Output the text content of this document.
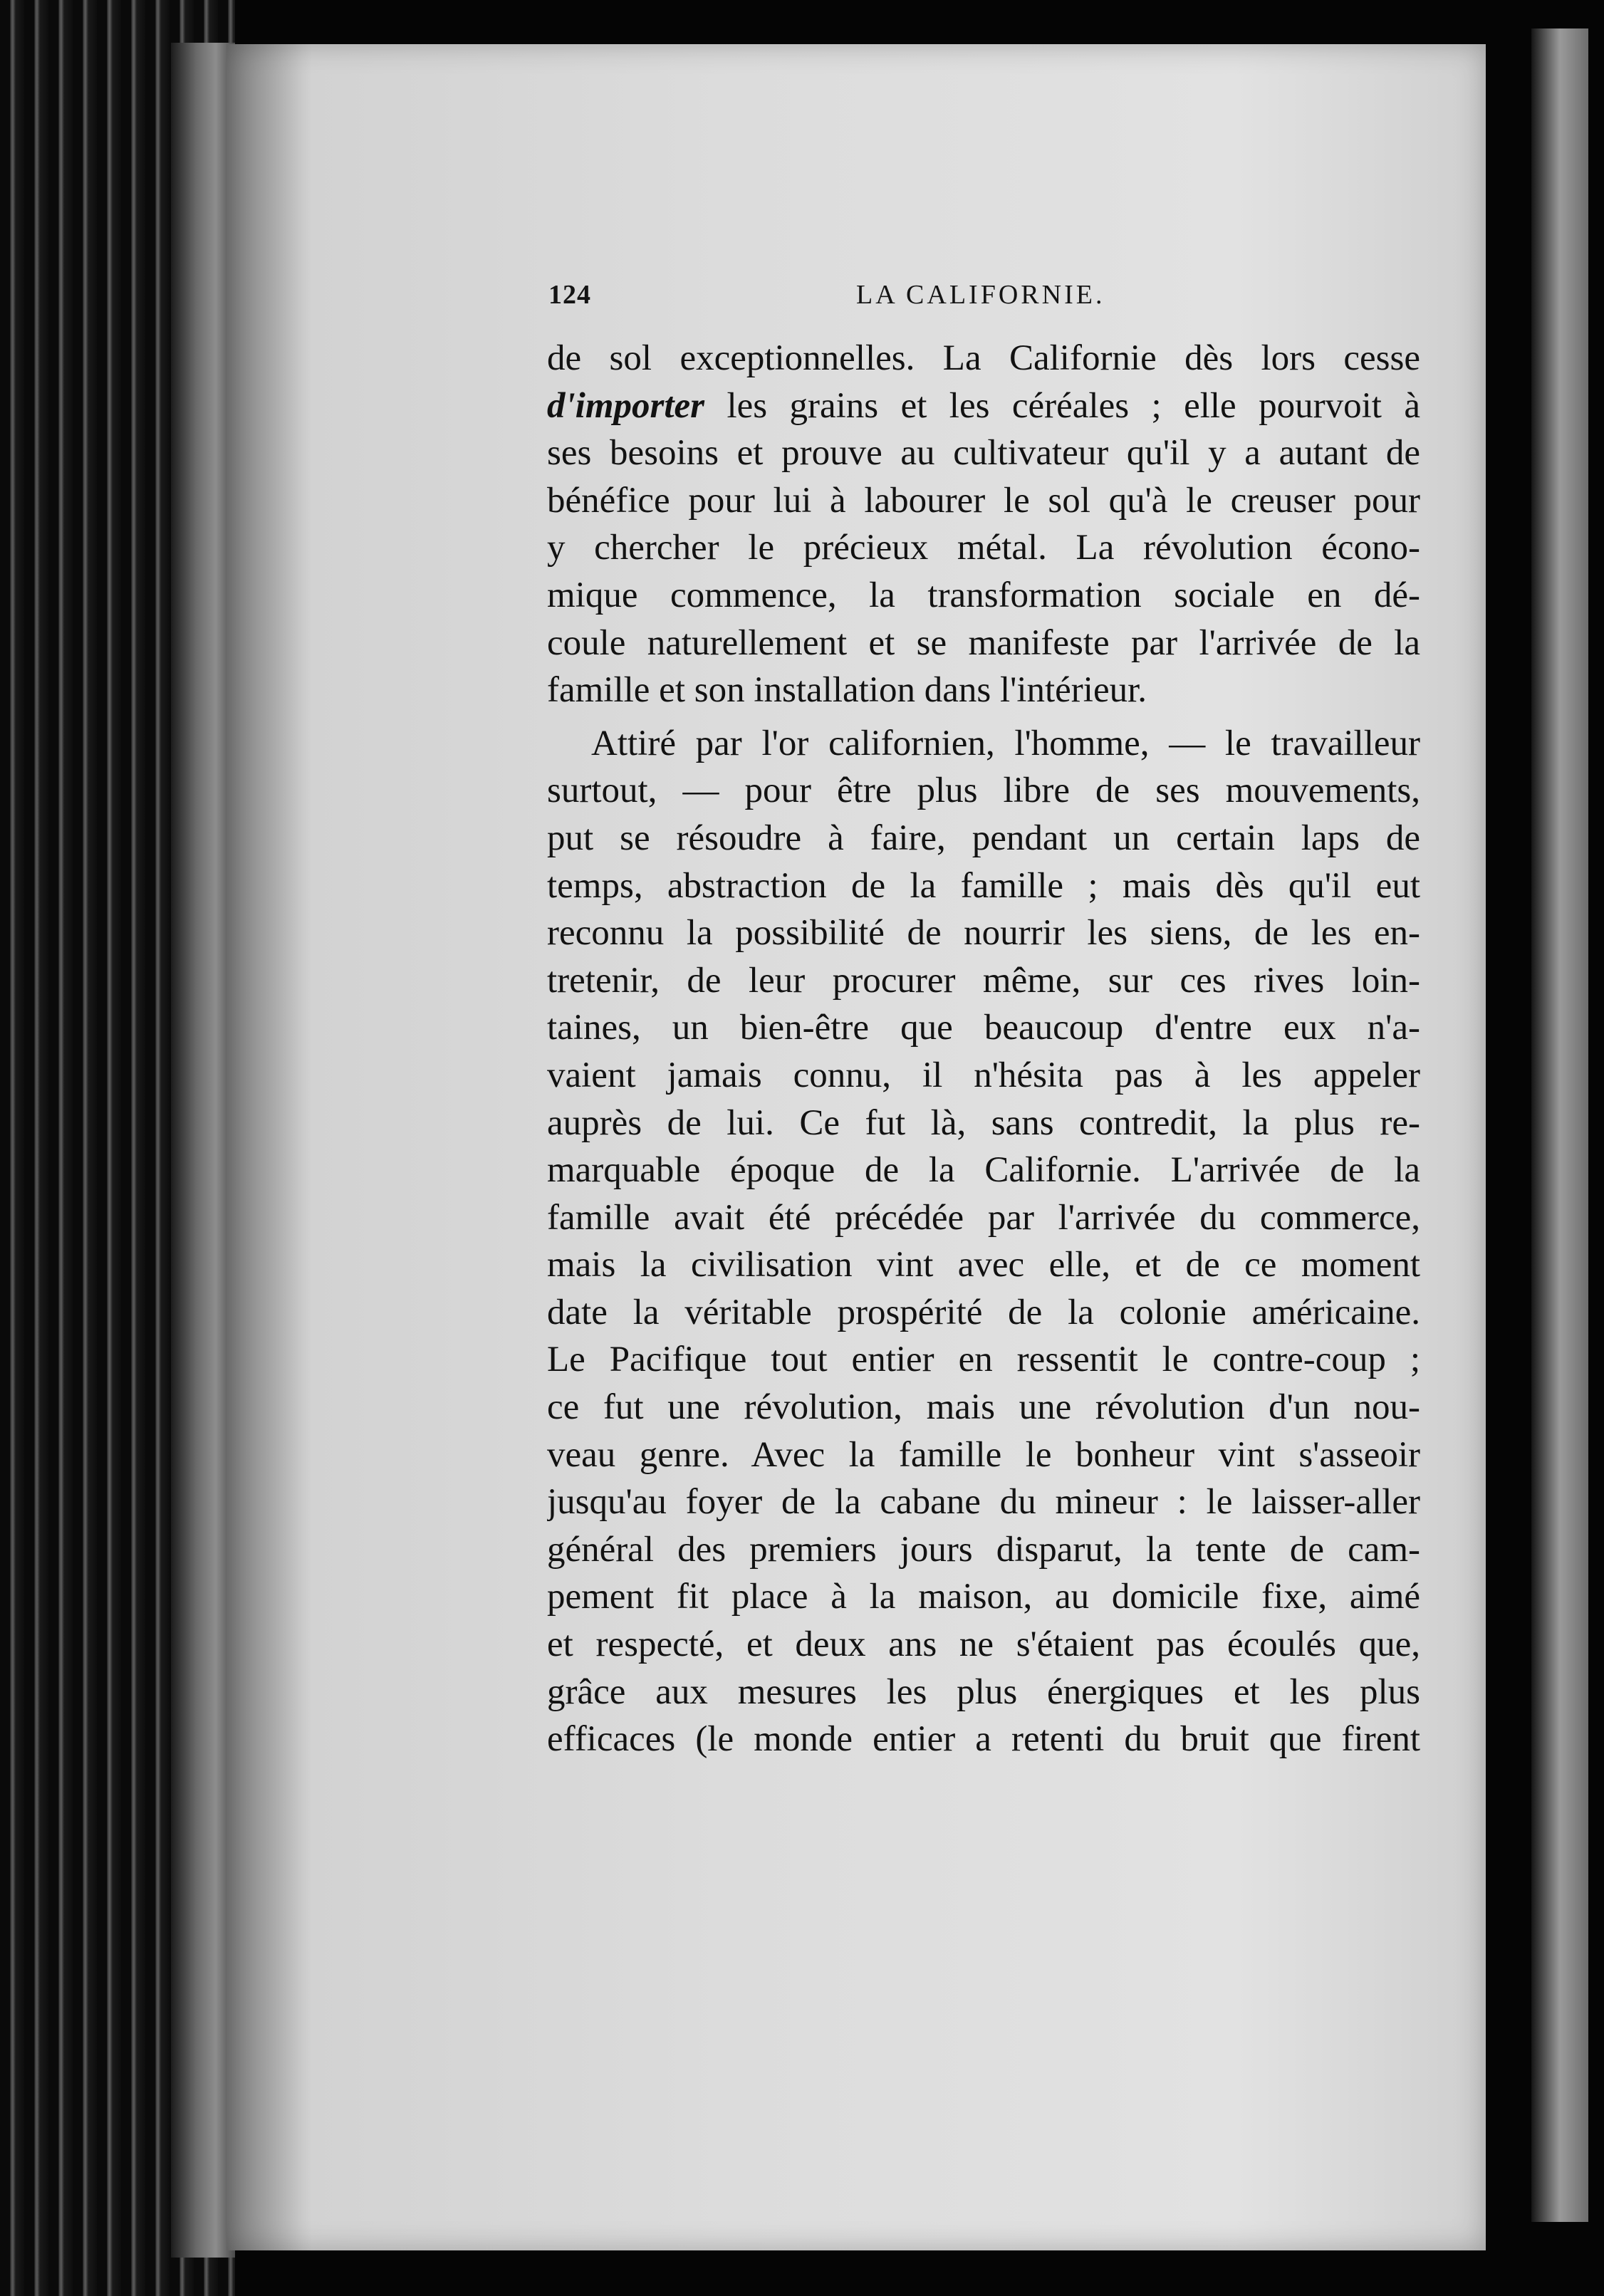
124	LA CALIFORNIE.
de sol exceptionnelles. La Californie dès lors cesse
d'importer les grains et les céréales ; elle pourvoit à
ses besoins et prouve au cultivateur qu'il y a autant de
bénéfice pour lui à labourer le sol qu'à le creuser pour
y chercher le précieux métal. La révolution écono-
mique commence, la transformation sociale en dé-
coule naturellement et se manifeste par l'arrivée de la
famille et son installation dans l'intérieur.
Attiré par l'or californien, l'homme, — le travailleur
surtout, — pour être plus libre de ses mouvements,
put se résoudre à faire, pendant un certain laps de
temps, abstraction de la famille ; mais dès qu'il eut
reconnu la possibilité de nourrir les siens, de les en-
tretenir, de leur procurer même, sur ces rives loin-
taines, un bien-être que beaucoup d'entre eux n'a-
vaient jamais connu, il n'hésita pas à les appeler
auprès de lui. Ce fut là, sans contredit, la plus re-
marquable époque de la Californie. L'arrivée de la
famille avait été précédée par l'arrivée du commerce,
mais la civilisation vint avec elle, et de ce moment
date la véritable prospérité de la colonie américaine.
Le Pacifique tout entier en ressentit le contre-coup ;
ce fut une révolution, mais une révolution d'un nou-
veau genre. Avec la famille le bonheur vint s'asseoir
jusqu'au foyer de la cabane du mineur : le laisser-aller
général des premiers jours disparut, la tente de cam-
pement fit place à la maison, au domicile fixe, aimé
et respecté, et deux ans ne s'étaient pas écoulés que,
grâce aux mesures les plus énergiques et les plus
efficaces (le monde entier a retenti du bruit que firent
